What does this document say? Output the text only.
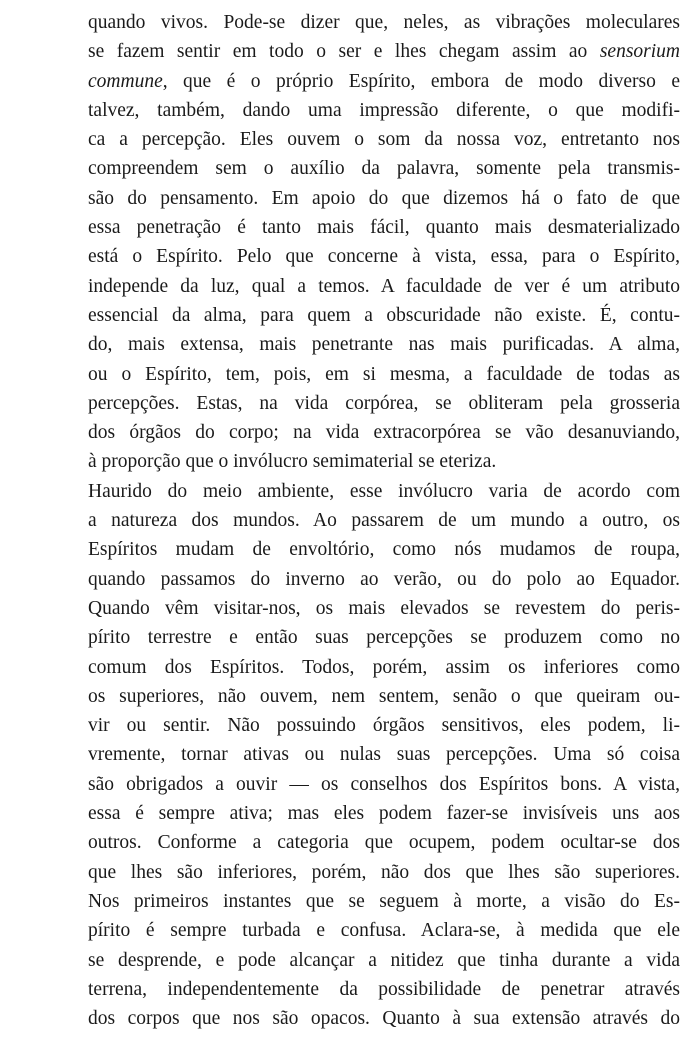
quando vivos. Pode-se dizer que, neles, as vibrações moleculares
se fazem sentir em todo o ser e lhes chegam assim ao sensorium
commune, que é o próprio Espírito, embora de modo diverso e
talvez, também, dando uma impressão diferente, o que modifi-
ca a percepção. Eles ouvem o som da nossa voz, entretanto nos
compreendem sem o auxílio da palavra, somente pela transmis-
são do pensamento. Em apoio do que dizemos há o fato de que
essa penetração é tanto mais fácil, quanto mais desmaterializado
está o Espírito. Pelo que concerne à vista, essa, para o Espírito,
independe da luz, qual a temos. A faculdade de ver é um atributo
essencial da alma, para quem a obscuridade não existe. É, contu-
do, mais extensa, mais penetrante nas mais purificadas. A alma,
ou o Espírito, tem, pois, em si mesma, a faculdade de todas as
percepções. Estas, na vida corpórea, se obliteram pela grosseria
dos órgãos do corpo; na vida extracorpórea se vão desanuviando,
à proporção que o invólucro semimaterial se eteriza.
Haurido do meio ambiente, esse invólucro varia de acordo com
a natureza dos mundos. Ao passarem de um mundo a outro, os
Espíritos mudam de envoltório, como nós mudamos de roupa,
quando passamos do inverno ao verão, ou do polo ao Equador.
Quando vêm visitar-nos, os mais elevados se revestem do peris-
pírito terrestre e então suas percepções se produzem como no
comum dos Espíritos. Todos, porém, assim os inferiores como
os superiores, não ouvem, nem sentem, senão o que queiram ou-
vir ou sentir. Não possuindo órgãos sensitivos, eles podem, li-
vremente, tornar ativas ou nulas suas percepções. Uma só coisa
são obrigados a ouvir — os conselhos dos Espíritos bons. A vista,
essa é sempre ativa; mas eles podem fazer-se invisíveis uns aos
outros. Conforme a categoria que ocupem, podem ocultar-se dos
que lhes são inferiores, porém, não dos que lhes são superiores.
Nos primeiros instantes que se seguem à morte, a visão do Es-
pírito é sempre turbada e confusa. Aclara-se, à medida que ele
se desprende, e pode alcançar a nitidez que tinha durante a vida
terrena, independentemente da possibilidade de penetrar através
dos corpos que nos são opacos. Quanto à sua extensão através do
